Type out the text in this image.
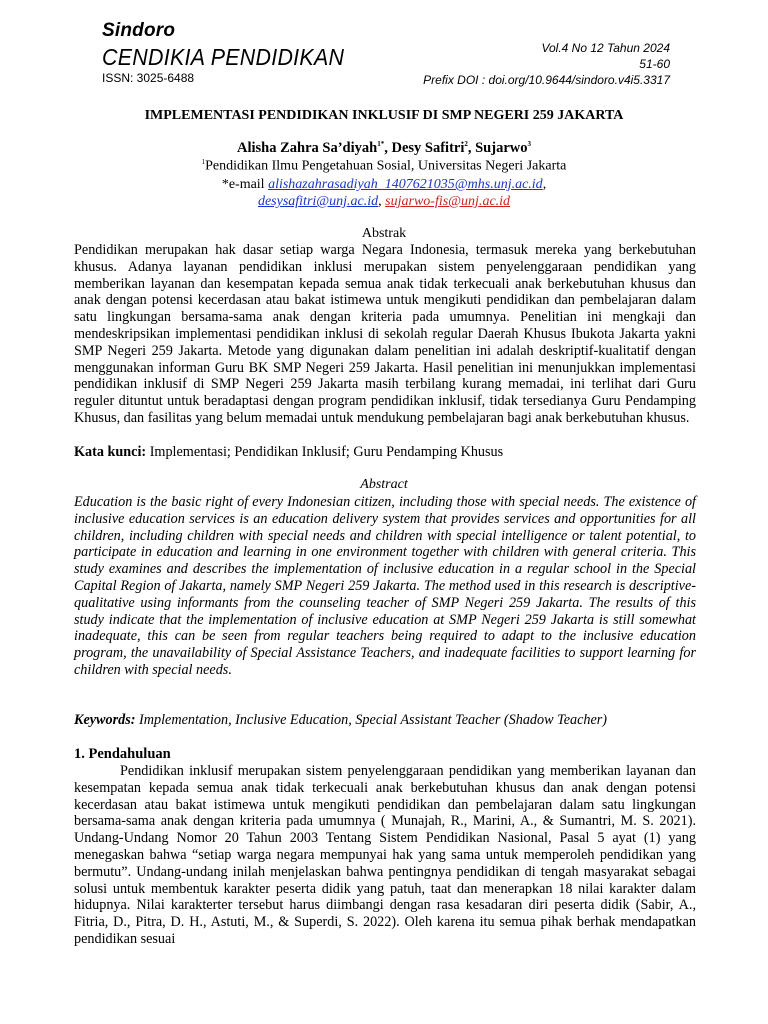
Sindoro
CENDIKIA PENDIDIKAN
ISSN: 3025-6488
Vol.4 No 12 Tahun 2024
51-60
Prefix DOI : doi.org/10.9644/sindoro.v4i5.3317
IMPLEMENTASI PENDIDIKAN INKLUSIF DI SMP NEGERI 259 JAKARTA
Alisha Zahra Sa’diyah$^{1*}$, Desy Safitri$^2$, Sujarwo$^3$
$^1$Pendidikan Ilmu Pengetahuan Sosial, Universitas Negeri Jakarta
*e-mail alishazahrasadiyah_1407621035@mhs.unj.ac.id,
desysafitri@unj.ac.id, sujarwo-fis@unj.ac.id
Abstrak
Pendidikan merupakan hak dasar setiap warga Negara Indonesia, termasuk mereka yang berkebutuhan khusus. Adanya layanan pendidikan inklusi merupakan sistem penyelenggaraan pendidikan yang memberikan layanan dan kesempatan kepada semua anak tidak terkecuali anak berkebutuhan khusus dan anak dengan potensi kecerdasan atau bakat istimewa untuk mengikuti pendidikan dan pembelajaran dalam satu lingkungan bersama-sama anak dengan kriteria pada umumnya. Penelitian ini mengkaji dan mendeskripsikan implementasi pendidikan inklusi di sekolah regular Daerah Khusus Ibukota Jakarta yakni SMP Negeri 259 Jakarta. Metode yang digunakan dalam penelitian ini adalah deskriptif-kualitatif dengan menggunakan informan Guru BK SMP Negeri 259 Jakarta. Hasil penelitian ini menunjukkan implementasi pendidikan inklusif di SMP Negeri 259 Jakarta masih terbilang kurang memadai, ini terlihat dari Guru reguler dituntut untuk beradaptasi dengan program pendidikan inklusif, tidak tersedianya Guru Pendamping Khusus, dan fasilitas yang belum memadai untuk mendukung pembelajaran bagi anak berkebutuhan khusus.
Kata kunci: Implementasi; Pendidikan Inklusif; Guru Pendamping Khusus
Abstract
Education is the basic right of every Indonesian citizen, including those with special needs. The existence of inclusive education services is an education delivery system that provides services and opportunities for all children, including children with special needs and children with special intelligence or talent potential, to participate in education and learning in one environment together with children with general criteria. This study examines and describes the implementation of inclusive education in a regular school in the Special Capital Region of Jakarta, namely SMP Negeri 259 Jakarta. The method used in this research is descriptive-qualitative using informants from the counseling teacher of SMP Negeri 259 Jakarta. The results of this study indicate that the implementation of inclusive education at SMP Negeri 259 Jakarta is still somewhat inadequate, this can be seen from regular teachers being required to adapt to the inclusive education program, the unavailability of Special Assistance Teachers, and inadequate facilities to support learning for children with special needs.
Keywords: Implementation, Inclusive Education, Special Assistant Teacher (Shadow Teacher)
1. Pendahuluan
Pendidikan inklusif merupakan sistem penyelenggaraan pendidikan yang memberikan layanan dan kesempatan kepada semua anak tidak terkecuali anak berkebutuhan khusus dan anak dengan potensi kecerdasan atau bakat istimewa untuk mengikuti pendidikan dan pembelajaran dalam satu lingkungan bersama-sama anak dengan kriteria pada umumnya ( Munajah, R., Marini, A., & Sumantri, M. S. 2021). Undang-Undang Nomor 20 Tahun 2003 Tentang Sistem Pendidikan Nasional, Pasal 5 ayat (1) yang menegaskan bahwa “setiap warga negara mempunyai hak yang sama untuk memperoleh pendidikan yang bermutu”. Undang-undang inilah menjelaskan bahwa pentingnya pendidikan di tengah masyarakat sebagai solusi untuk membentuk karakter peserta didik yang patuh, taat dan menerapkan 18 nilai karakter dalam hidupnya. Nilai karakterter tersebut harus diimbangi dengan rasa kesadaran diri peserta didik (Sabir, A., Fitria, D., Pitra, D. H., Astuti, M., & Superdi, S. 2022). Oleh karena itu semua pihak berhak mendapatkan pendidikan sesuai
